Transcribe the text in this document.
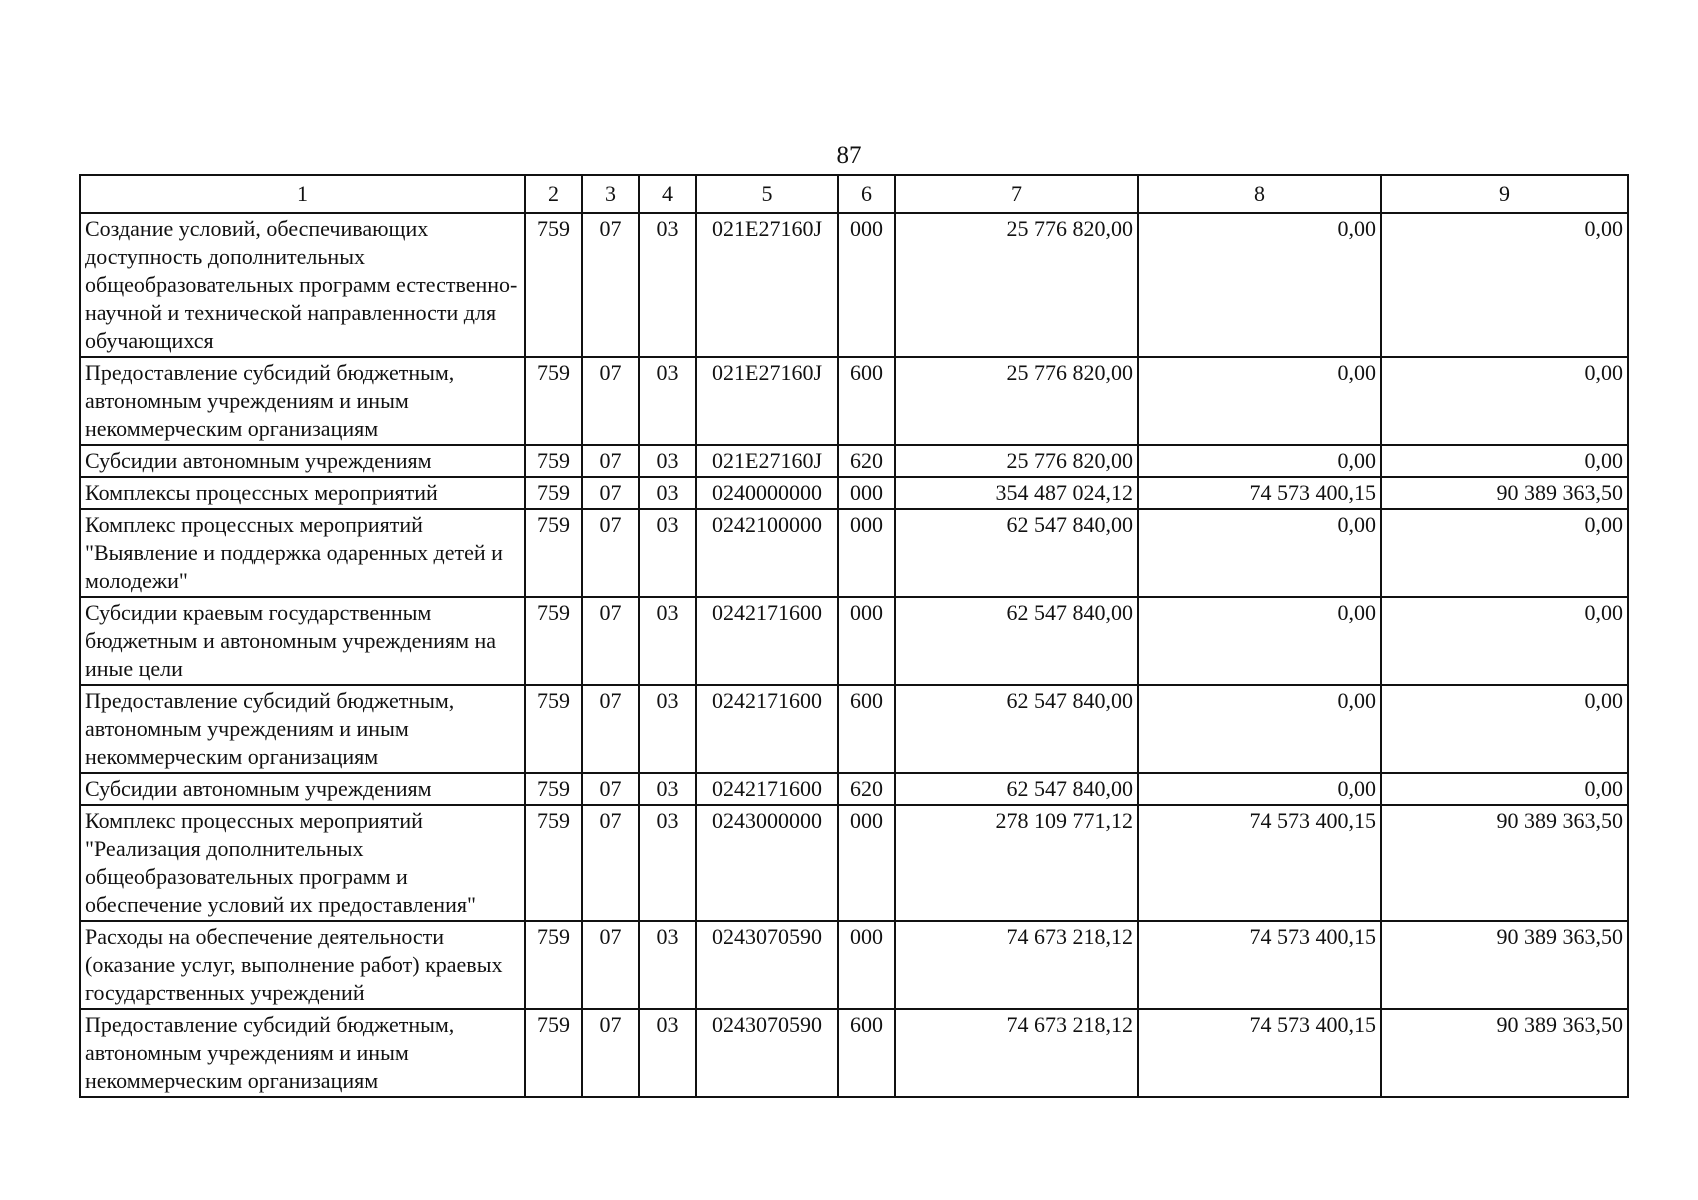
87
1	2	3	4	5	6	7	8	9
Создание условий, обеспечивающих доступность дополнительных общеобразовательных программ естественно-научной и технической направленности для обучающихся	759	07	03	021E27160J	000	25 776 820,00	0,00	0,00
Предоставление субсидий бюджетным, автономным учреждениям и иным некоммерческим организациям	759	07	03	021E27160J	600	25 776 820,00	0,00	0,00
Субсидии автономным учреждениям	759	07	03	021E27160J	620	25 776 820,00	0,00	0,00
Комплексы процессных мероприятий	759	07	03	0240000000	000	354 487 024,12	74 573 400,15	90 389 363,50
Комплекс процессных мероприятий "Выявление и поддержка одаренных детей и молодежи"	759	07	03	0242100000	000	62 547 840,00	0,00	0,00
Субсидии краевым государственным бюджетным и автономным учреждениям на иные цели	759	07	03	0242171600	000	62 547 840,00	0,00	0,00
Предоставление субсидий бюджетным, автономным учреждениям и иным некоммерческим организациям	759	07	03	0242171600	600	62 547 840,00	0,00	0,00
Субсидии автономным учреждениям	759	07	03	0242171600	620	62 547 840,00	0,00	0,00
Комплекс процессных мероприятий "Реализация дополнительных общеобразовательных программ и обеспечение условий их предоставления"	759	07	03	0243000000	000	278 109 771,12	74 573 400,15	90 389 363,50
Расходы на обеспечение деятельности (оказание услуг, выполнение работ) краевых государственных учреждений	759	07	03	0243070590	000	74 673 218,12	74 573 400,15	90 389 363,50
Предоставление субсидий бюджетным, автономным учреждениям и иным некоммерческим организациям	759	07	03	0243070590	600	74 673 218,12	74 573 400,15	90 389 363,50
